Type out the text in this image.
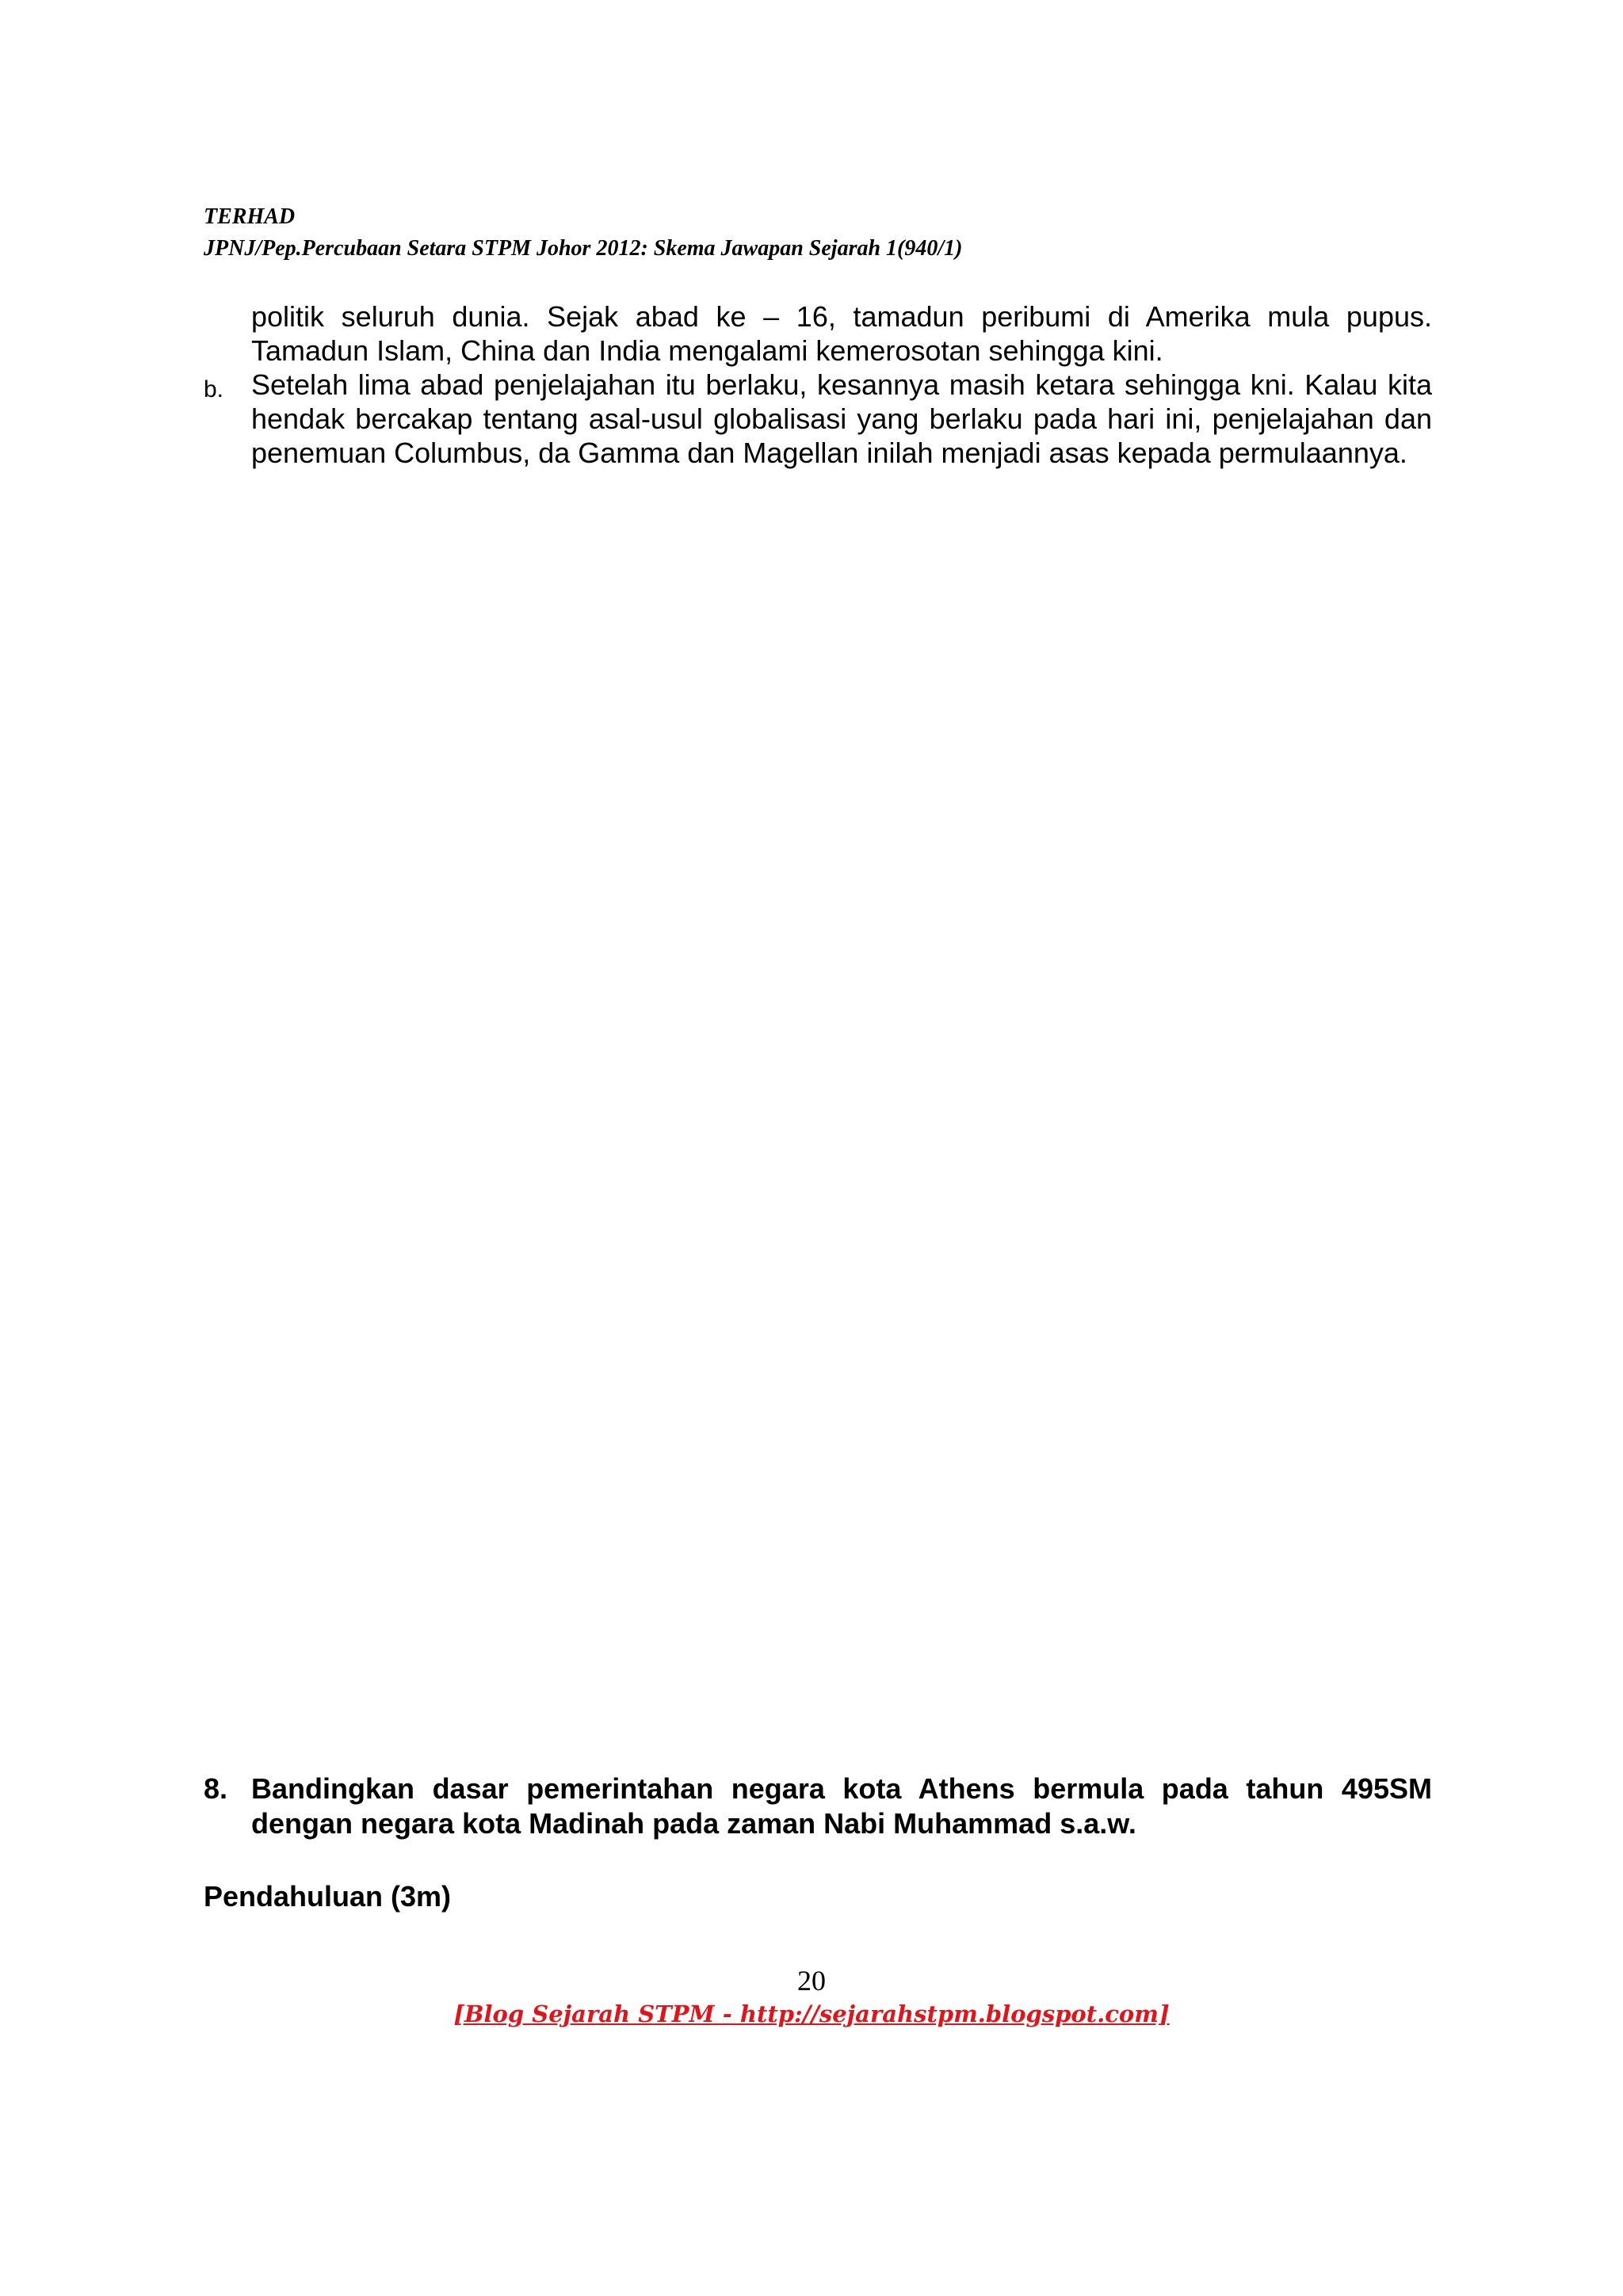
TERHAD
JPNJ/Pep.Percubaan Setara STPM Johor 2012: Skema Jawapan Sejarah 1(940/1)
politik seluruh dunia. Sejak abad ke – 16, tamadun peribumi di Amerika mula pupus. Tamadun Islam, China dan India mengalami kemerosotan sehingga kini.
b. Setelah lima abad penjelajahan itu berlaku, kesannya masih ketara sehingga kni. Kalau kita hendak bercakap tentang asal-usul globalisasi yang berlaku pada hari ini, penjelajahan dan penemuan Columbus, da Gamma dan Magellan inilah menjadi asas kepada permulaannya.
8. Bandingkan dasar pemerintahan negara kota Athens bermula pada tahun 495SM dengan negara kota Madinah pada zaman Nabi Muhammad s.a.w.
Pendahuluan (3m)
20
[Blog Sejarah STPM - http://sejarahstpm.blogspot.com]
